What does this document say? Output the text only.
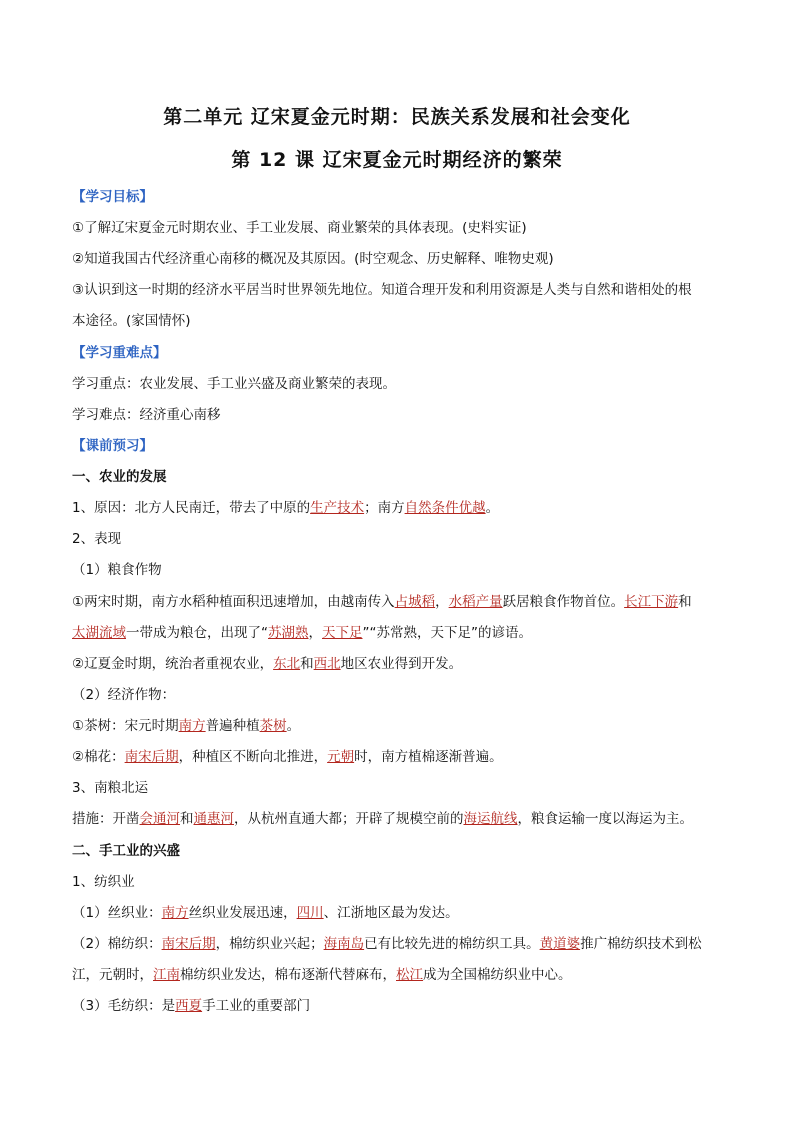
第二单元 辽宋夏金元时期：民族关系发展和社会变化
第 12 课 辽宋夏金元时期经济的繁荣
【学习目标】
①了解辽宋夏金元时期农业、手工业发展、商业繁荣的具体表现。(史料实证)
②知道我国古代经济重心南移的概况及其原因。(时空观念、历史解释、唯物史观)
③认识到这一时期的经济水平居当时世界领先地位。知道合理开发和利用资源是人类与自然和谐相处的根
本途径。(家国情怀)
【学习重难点】
学习重点：农业发展、手工业兴盛及商业繁荣的表现。
学习难点：经济重心南移
【课前预习】
一、农业的发展
1、原因：北方人民南迁，带去了中原的生产技术；南方自然条件优越。
2、表现
（1）粮食作物
①两宋时期，南方水稻种植面积迅速增加，由越南传入占城稻，水稻产量跃居粮食作物首位。长江下游和
太湖流域一带成为粮仓，出现了“苏湖熟，天下足”“苏常熟，天下足”的谚语。
②辽夏金时期，统治者重视农业，东北和西北地区农业得到开发。
（2）经济作物：
①茶树：宋元时期南方普遍种植茶树。
②棉花：南宋后期，种植区不断向北推进，元朝时，南方植棉逐渐普遍。
3、南粮北运
措施：开凿会通河和通惠河，从杭州直通大都；开辟了规模空前的海运航线，粮食运输一度以海运为主。
二、手工业的兴盛
1、纺织业
（1）丝织业：南方丝织业发展迅速，四川、江浙地区最为发达。
（2）棉纺织：南宋后期，棉纺织业兴起；海南岛已有比较先进的棉纺织工具。黄道婆推广棉纺织技术到松
江，元朝时，江南棉纺织业发达，棉布逐渐代替麻布，松江成为全国棉纺织业中心。
（3）毛纺织：是西夏手工业的重要部门
